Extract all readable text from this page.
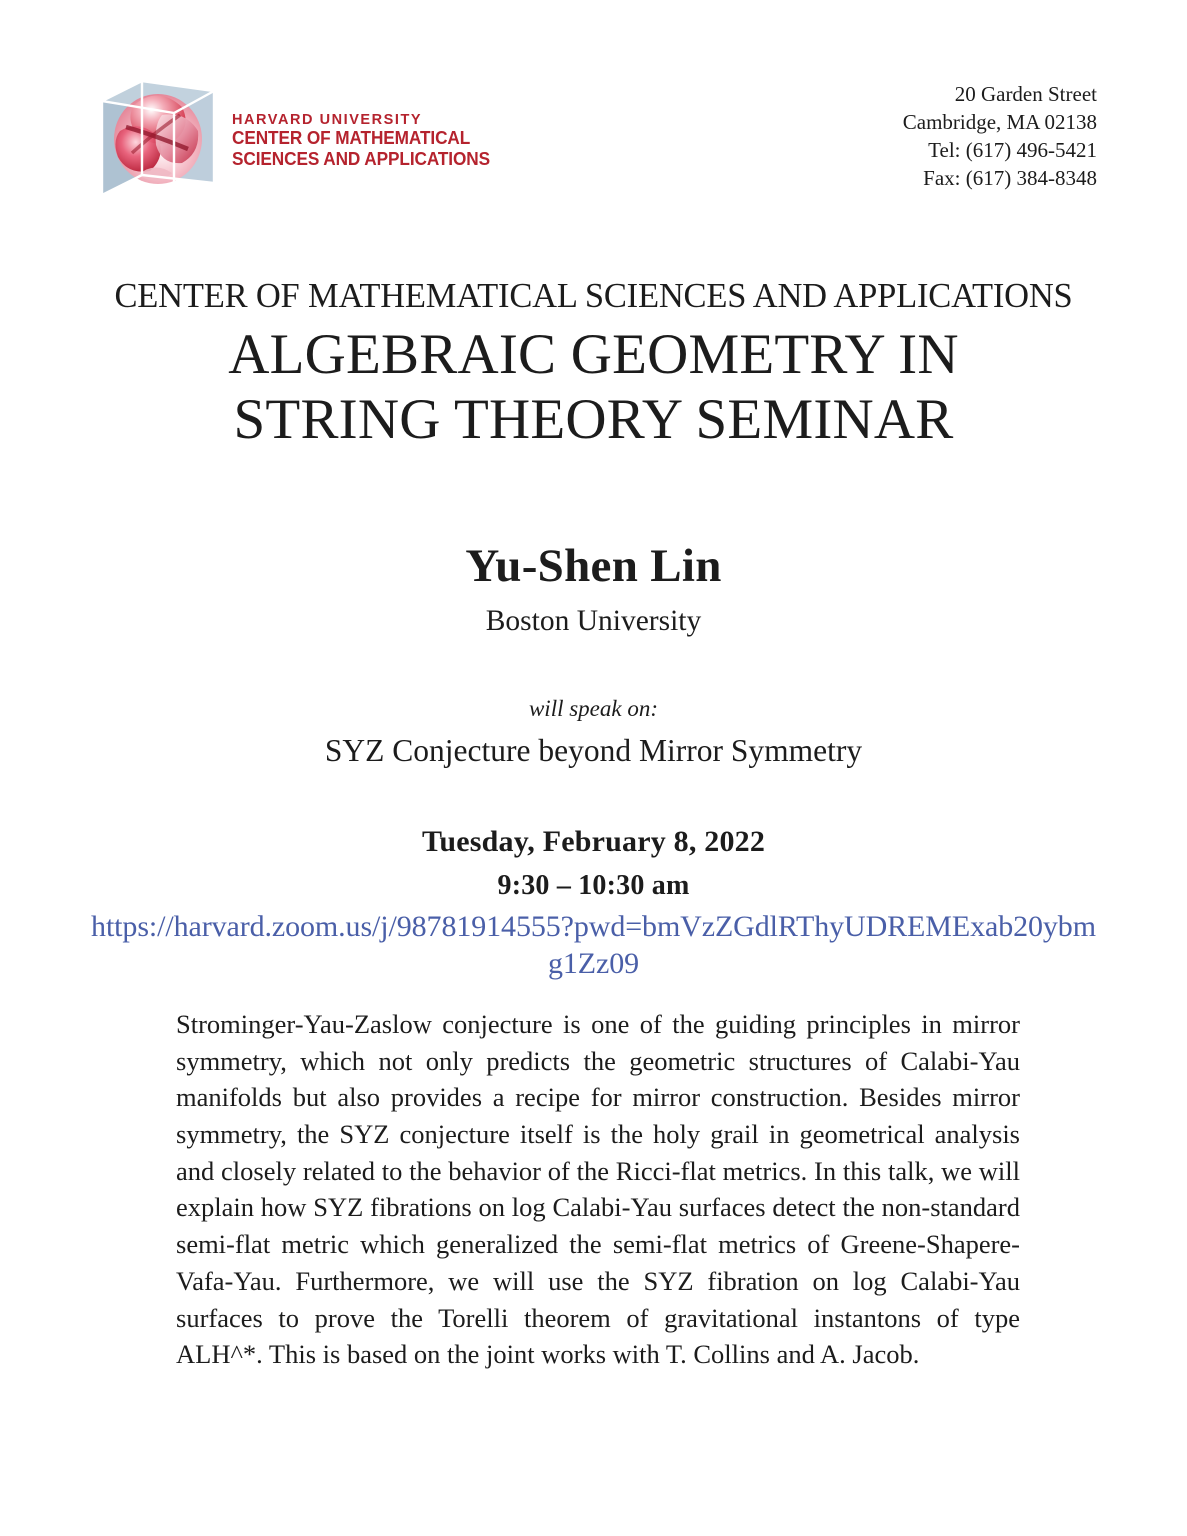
HARVARD UNIVERSITY
CENTER OF MATHEMATICAL
SCIENCES AND APPLICATIONS
20 Garden Street
Cambridge, MA 02138
Tel: (617) 496-5421
Fax: (617) 384-8348
CENTER OF MATHEMATICAL SCIENCES AND APPLICATIONS
ALGEBRAIC GEOMETRY IN
STRING THEORY SEMINAR
Yu-Shen Lin
Boston University
will speak on:
SYZ Conjecture beyond Mirror Symmetry
Tuesday, February 8, 2022
9:30 – 10:30 am
https://harvard.zoom.us/j/98781914555?pwd=bmVzZGdlRThyUDREMExab20ybmg1Zz09
Strominger-Yau-Zaslow conjecture is one of the guiding principles in mirror symmetry, which not only predicts the geometric structures of Calabi-Yau manifolds but also provides a recipe for mirror construction. Besides mirror symmetry, the SYZ conjecture itself is the holy grail in geometrical analysis and closely related to the behavior of the Ricci-flat metrics. In this talk, we will explain how SYZ fibrations on log Calabi-Yau surfaces detect the non-standard semi-flat metric which generalized the semi-flat metrics of Greene-Shapere-Vafa-Yau. Furthermore, we will use the SYZ fibration on log Calabi-Yau surfaces to prove the Torelli theorem of gravitational instantons of type ALH^*. This is based on the joint works with T. Collins and A. Jacob.
